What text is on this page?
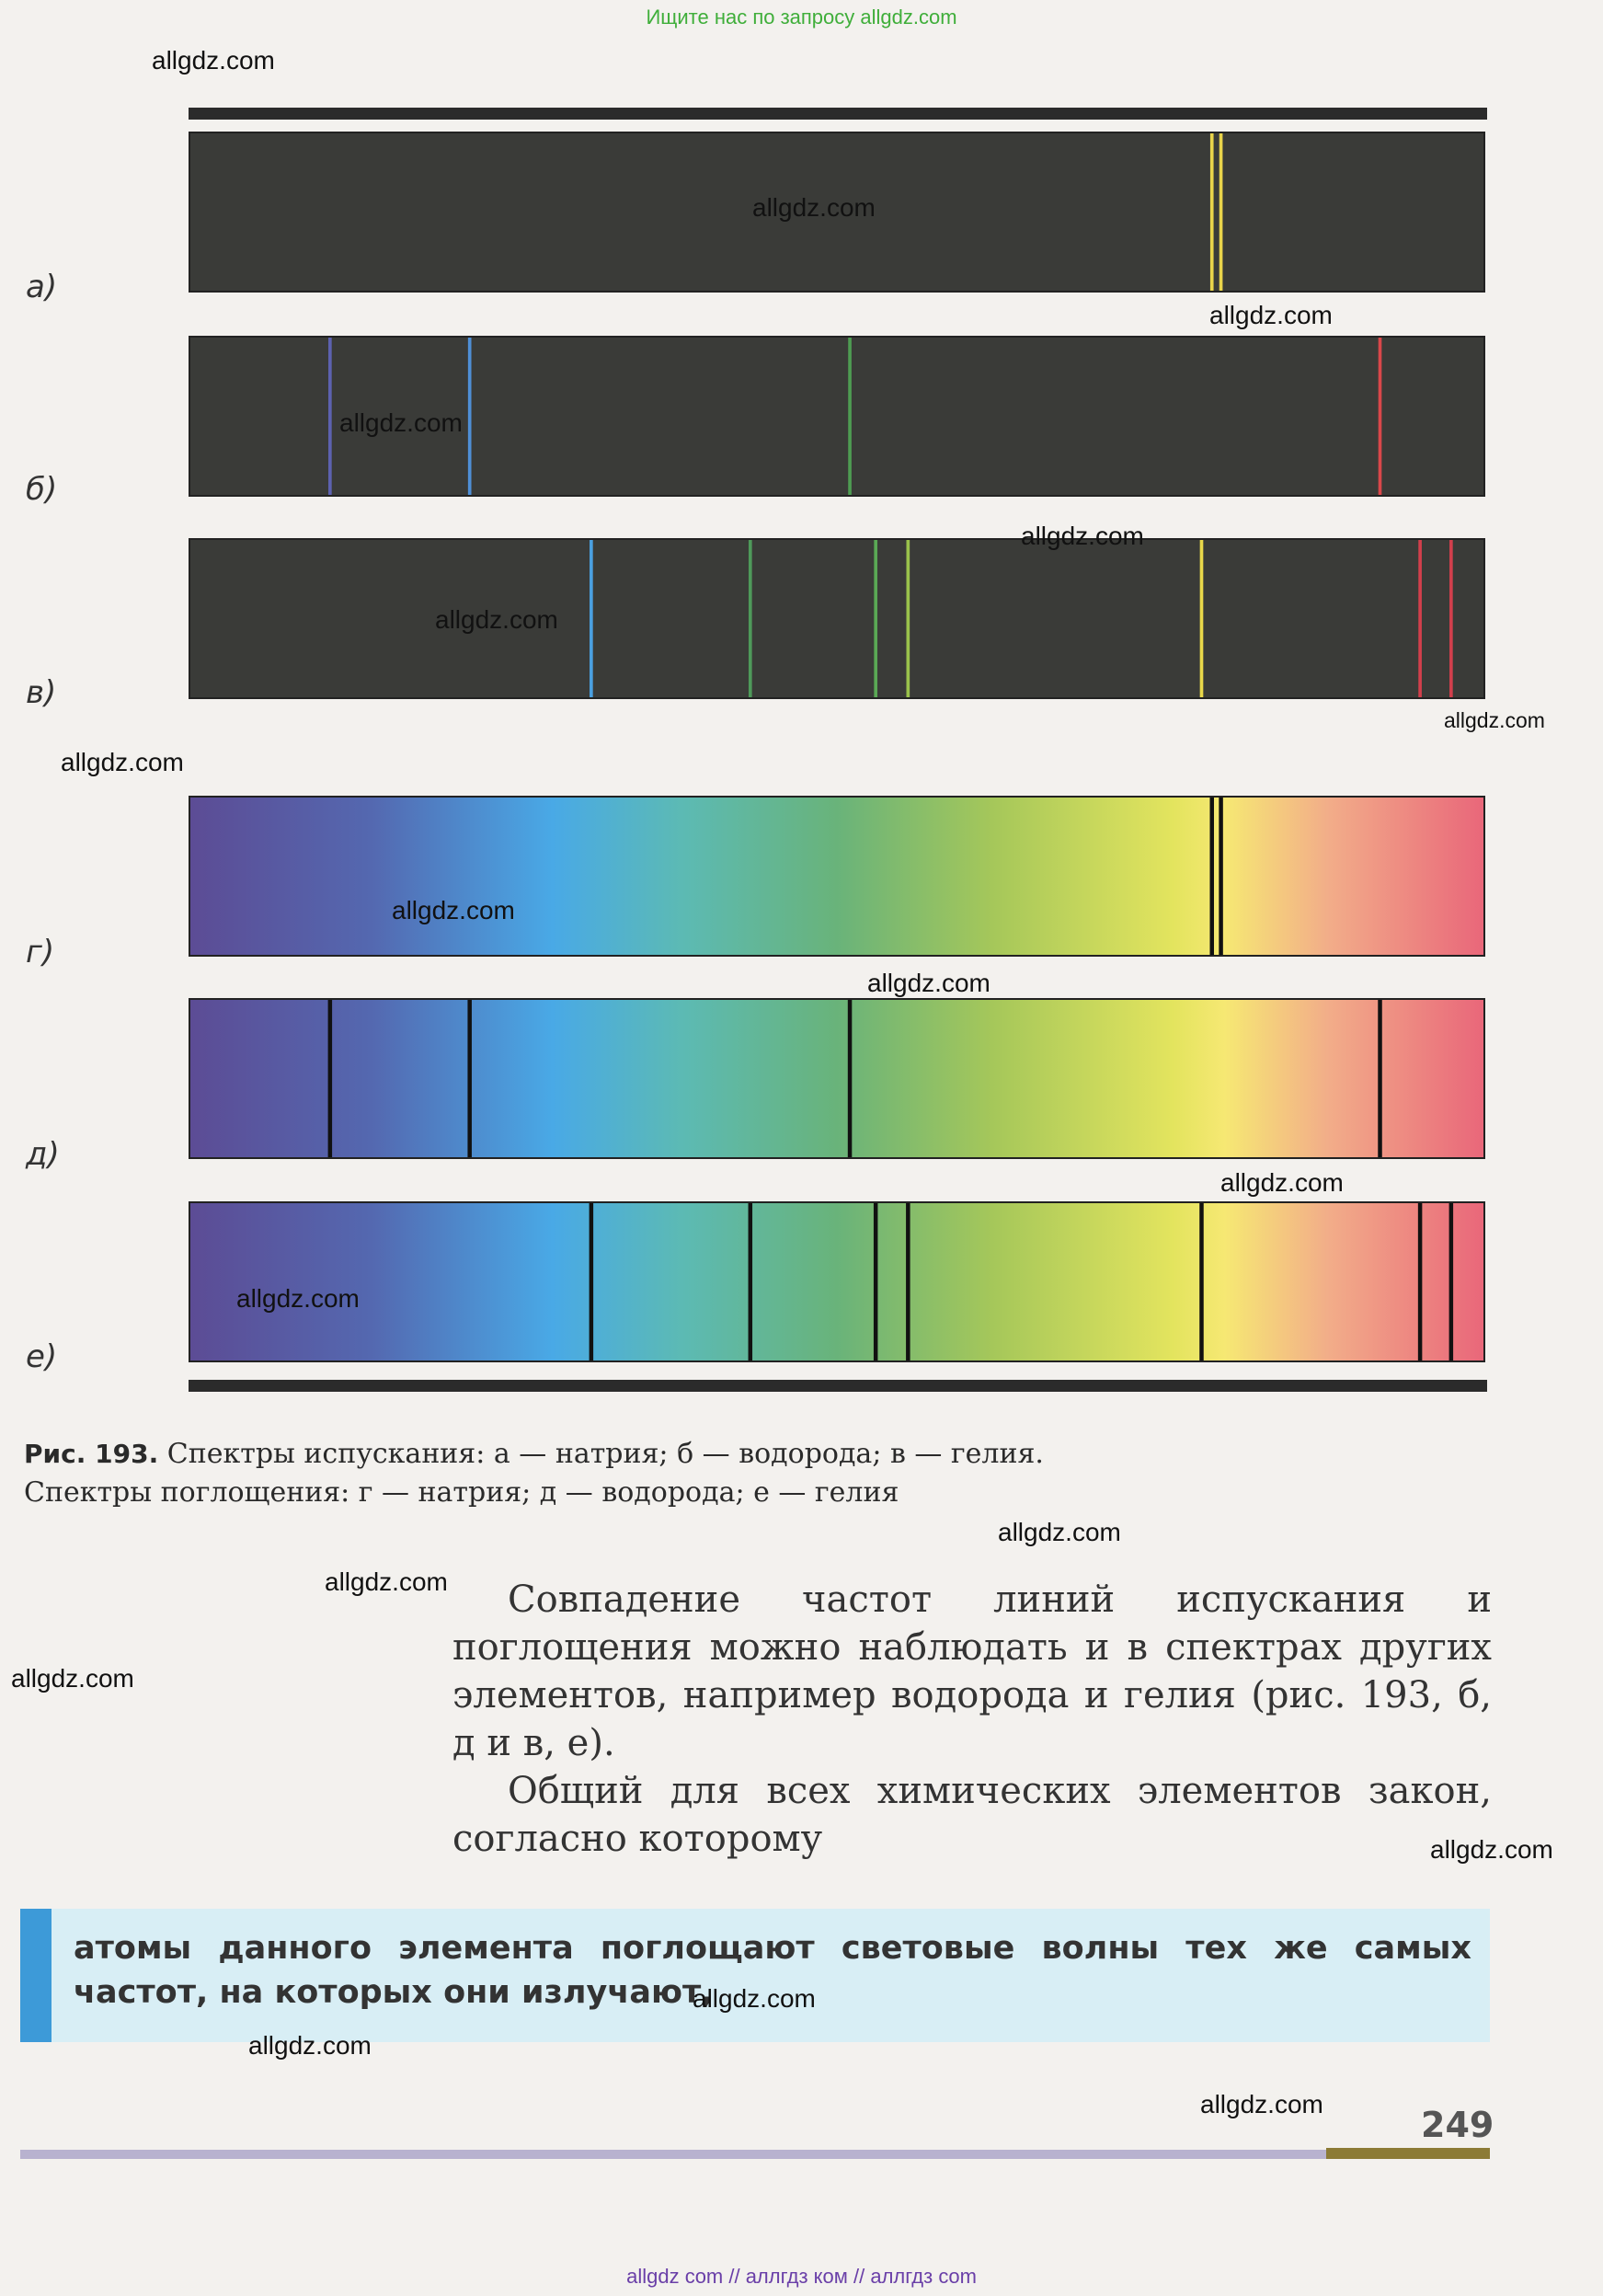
Ищите нас по запросу allgdz.com
а)
б)
в)
г)
д)
е)
Рис. 193. Спектры испускания: а — натрия; б — водорода; в — гелия.
Спектры поглощения: г — натрия; д — водорода; е — гелия

Совпадение частот линий испускания и поглощения можно наблюдать и в спектрах других элементов, например водорода и гелия (рис. 193, б, д и в, е).

Общий для всех химических элементов закон, согласно которому

атомы данного элемента поглощают световые волны тех же самых частот, на которых они излучают,

249
allgdz.com
allgdz.com
allgdz.com
allgdz.com
allgdz.com
allgdz.com
allgdz.com
allgdz.com
allgdz.com
allgdz.com
allgdz.com
allgdz.com
allgdz.com
allgdz.com
allgdz.com
allgdz.com
allgdz.com
allgdz.com
allgdz.com
allgdz com // аллгдз ком // аллгдз com
